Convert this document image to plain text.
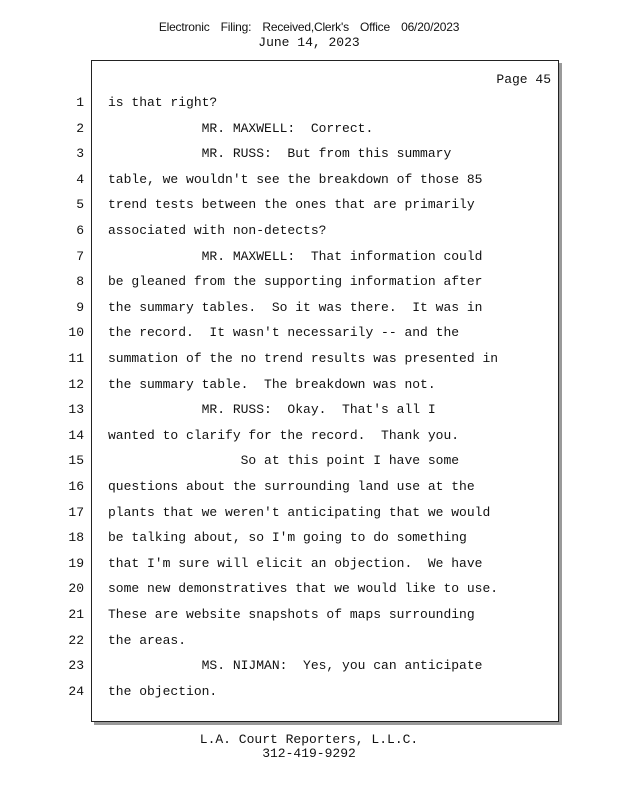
Electronic Filing: Received,Clerk's Office 06/20/2023
June 14, 2023
Page 45
1 is that right?
2 MR. MAXWELL:  Correct.
3 MR. RUSS:  But from this summary
4 table, we wouldn't see the breakdown of those 85
5 trend tests between the ones that are primarily
6 associated with non-detects?
7 MR. MAXWELL:  That information could
8 be gleaned from the supporting information after
9 the summary tables.  So it was there.  It was in
10 the record.  It wasn't necessarily -- and the
11 summation of the no trend results was presented in
12 the summary table.  The breakdown was not.
13 MR. RUSS:  Okay.  That's all I
14 wanted to clarify for the record.  Thank you.
15 So at this point I have some
16 questions about the surrounding land use at the
17 plants that we weren't anticipating that we would
18 be talking about, so I'm going to do something
19 that I'm sure will elicit an objection.  We have
20 some new demonstratives that we would like to use.
21 These are website snapshots of maps surrounding
22 the areas.
23 MS. NIJMAN:  Yes, you can anticipate
24 the objection.
L.A. Court Reporters, L.L.C.
312-419-9292
